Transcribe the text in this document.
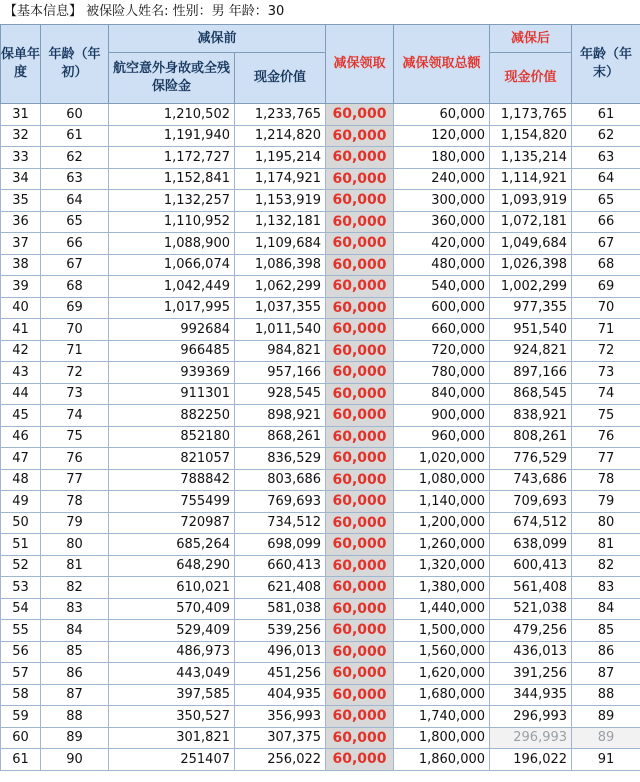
【基本信息】 被保险人姓名: 性别：男 年龄：30
保单年度	年龄（年初）	减保前		减保领取	减保领取总额	减保后	年龄（年末）
		航空意外身故或全残保险金	现金价值			现金价值	
31	60	1,210,502	1,233,765	60,000	60,000	1,173,765	61
32	61	1,191,940	1,214,820	60,000	120,000	1,154,820	62
33	62	1,172,727	1,195,214	60,000	180,000	1,135,214	63
34	63	1,152,841	1,174,921	60,000	240,000	1,114,921	64
35	64	1,132,257	1,153,919	60,000	300,000	1,093,919	65
36	65	1,110,952	1,132,181	60,000	360,000	1,072,181	66
37	66	1,088,900	1,109,684	60,000	420,000	1,049,684	67
38	67	1,066,074	1,086,398	60,000	480,000	1,026,398	68
39	68	1,042,449	1,062,299	60,000	540,000	1,002,299	69
40	69	1,017,995	1,037,355	60,000	600,000	977,355	70
41	70	992684	1,011,540	60,000	660,000	951,540	71
42	71	966485	984,821	60,000	720,000	924,821	72
43	72	939369	957,166	60,000	780,000	897,166	73
44	73	911301	928,545	60,000	840,000	868,545	74
45	74	882250	898,921	60,000	900,000	838,921	75
46	75	852180	868,261	60,000	960,000	808,261	76
47	76	821057	836,529	60,000	1,020,000	776,529	77
48	77	788842	803,686	60,000	1,080,000	743,686	78
49	78	755499	769,693	60,000	1,140,000	709,693	79
50	79	720987	734,512	60,000	1,200,000	674,512	80
51	80	685,264	698,099	60,000	1,260,000	638,099	81
52	81	648,290	660,413	60,000	1,320,000	600,413	82
53	82	610,021	621,408	60,000	1,380,000	561,408	83
54	83	570,409	581,038	60,000	1,440,000	521,038	84
55	84	529,409	539,256	60,000	1,500,000	479,256	85
56	85	486,973	496,013	60,000	1,560,000	436,013	86
57	86	443,049	451,256	60,000	1,620,000	391,256	87
58	87	397,585	404,935	60,000	1,680,000	344,935	88
59	88	350,527	356,993	60,000	1,740,000	296,993	89
60	89	301,821	307,375	60,000	1,800,000	296,993	89
61	90	251407	256,022	60,000	1,860,000	196,022	91
